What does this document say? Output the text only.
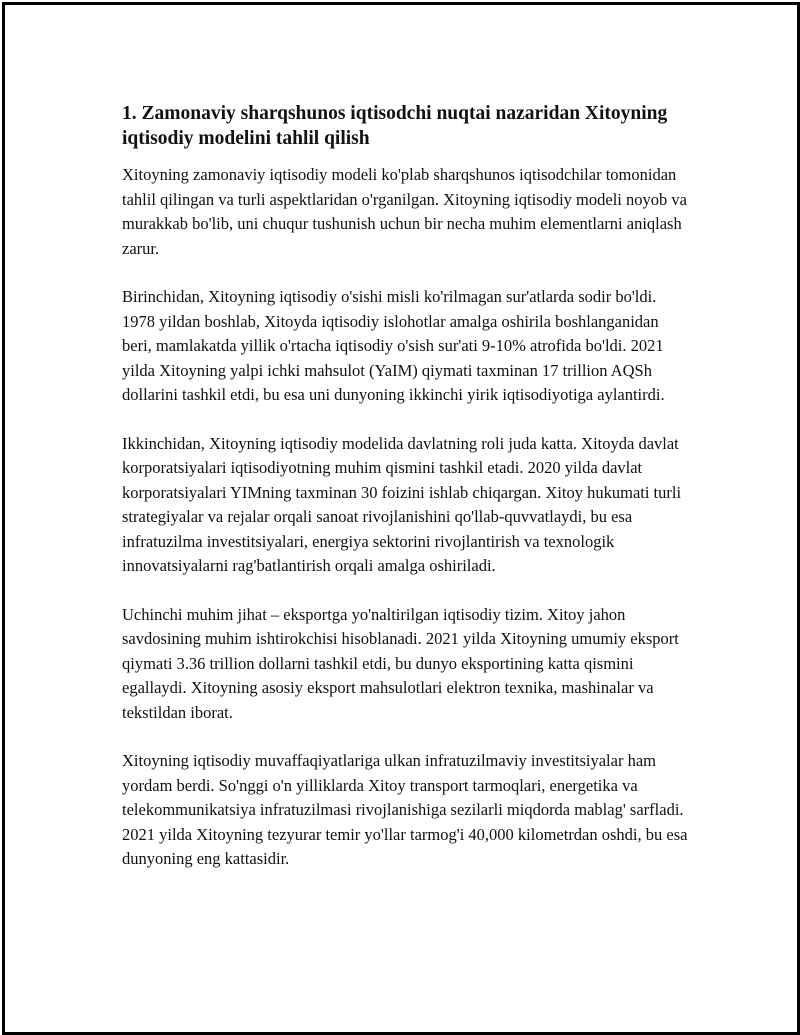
1. Zamonaviy sharqshunos iqtisodchi nuqtai nazaridan Xitoyning iqtisodiy modelini tahlil qilish

Xitoyning zamonaviy iqtisodiy modeli ko'plab sharqshunos iqtisodchilar tomonidan tahlil qilingan va turli aspektlaridan o'rganilgan. Xitoyning iqtisodiy modeli noyob va murakkab bo'lib, uni chuqur tushunish uchun bir necha muhim elementlarni aniqlash zarur.

Birinchidan, Xitoyning iqtisodiy o'sishi misli ko'rilmagan sur'atlarda sodir bo'ldi. 1978 yildan boshlab, Xitoyda iqtisodiy islohotlar amalga oshirila boshlanganidan beri, mamlakatda yillik o'rtacha iqtisodiy o'sish sur'ati 9-10% atrofida bo'ldi. 2021 yilda Xitoyning yalpi ichki mahsulot (YaIM) qiymati taxminan 17 trillion AQSh dollarini tashkil etdi, bu esa uni dunyoning ikkinchi yirik iqtisodiyotiga aylantirdi.

Ikkinchidan, Xitoyning iqtisodiy modelida davlatning roli juda katta. Xitoyda davlat korporatsiyalari iqtisodiyotning muhim qismini tashkil etadi. 2020 yilda davlat korporatsiyalari YIMning taxminan 30 foizini ishlab chiqargan. Xitoy hukumati turli strategiyalar va rejalar orqali sanoat rivojlanishini qo'llab-quvvatlaydi, bu esa infratuzilma investitsiyalari, energiya sektorini rivojlantirish va texnologik innovatsiyalarni rag'batlantirish orqali amalga oshiriladi.

Uchinchi muhim jihat – eksportga yo'naltirilgan iqtisodiy tizim. Xitoy jahon savdosining muhim ishtirokchisi hisoblanadi. 2021 yilda Xitoyning umumiy eksport qiymati 3.36 trillion dollarni tashkil etdi, bu dunyo eksportining katta qismini egallaydi. Xitoyning asosiy eksport mahsulotlari elektron texnika, mashinalar va tekstildan iborat.

Xitoyning iqtisodiy muvaffaqiyatlariga ulkan infratuzilmaviy investitsiyalar ham yordam berdi. So'nggi o'n yilliklarda Xitoy transport tarmoqlari, energetika va telekommunikatsiya infratuzilmasi rivojlanishiga sezilarli miqdorda mablag' sarfladi. 2021 yilda Xitoyning tezyurar temir yo'llar tarmog'i 40,000 kilometrdan oshdi, bu esa dunyoning eng kattasidir.
